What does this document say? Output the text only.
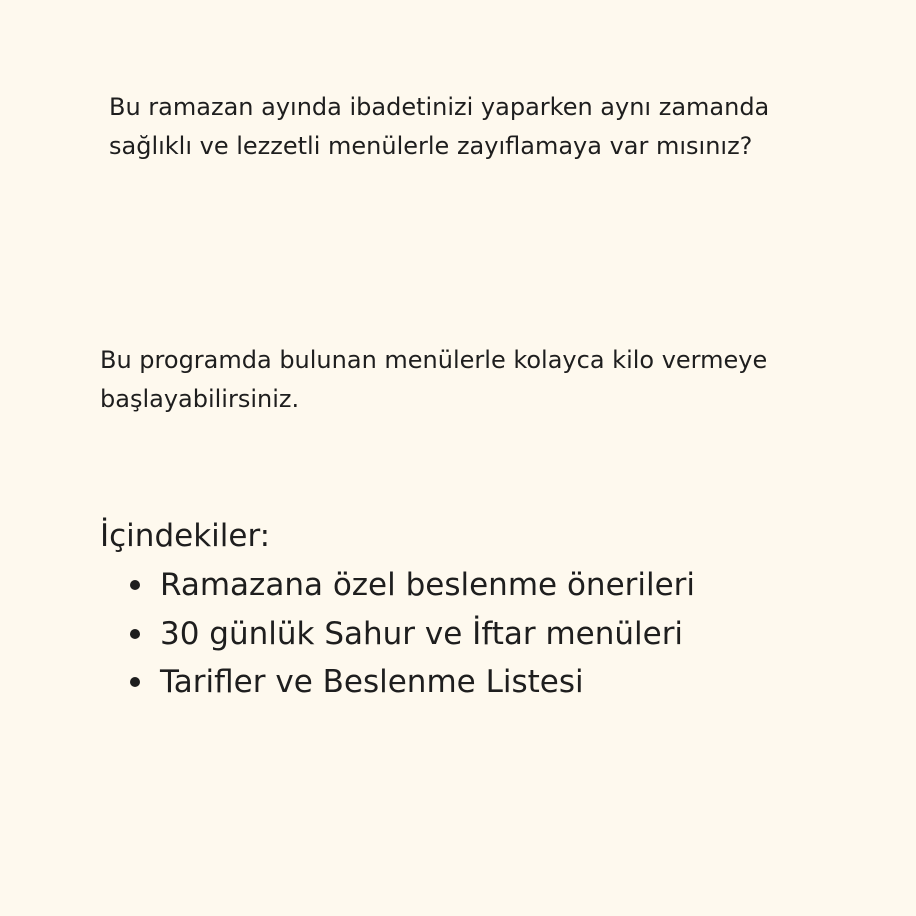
Bu ramazan ayında ibadetinizi yaparken aynı zamanda sağlıklı ve lezzetli menülerle zayıflamaya var mısınız?

Bu programda bulunan menülerle kolayca kilo vermeye başlayabilirsiniz.

İçindekiler:
Ramazana özel beslenme önerileri
30 günlük Sahur ve İftar menüleri
Tarifler ve Beslenme Listesi
